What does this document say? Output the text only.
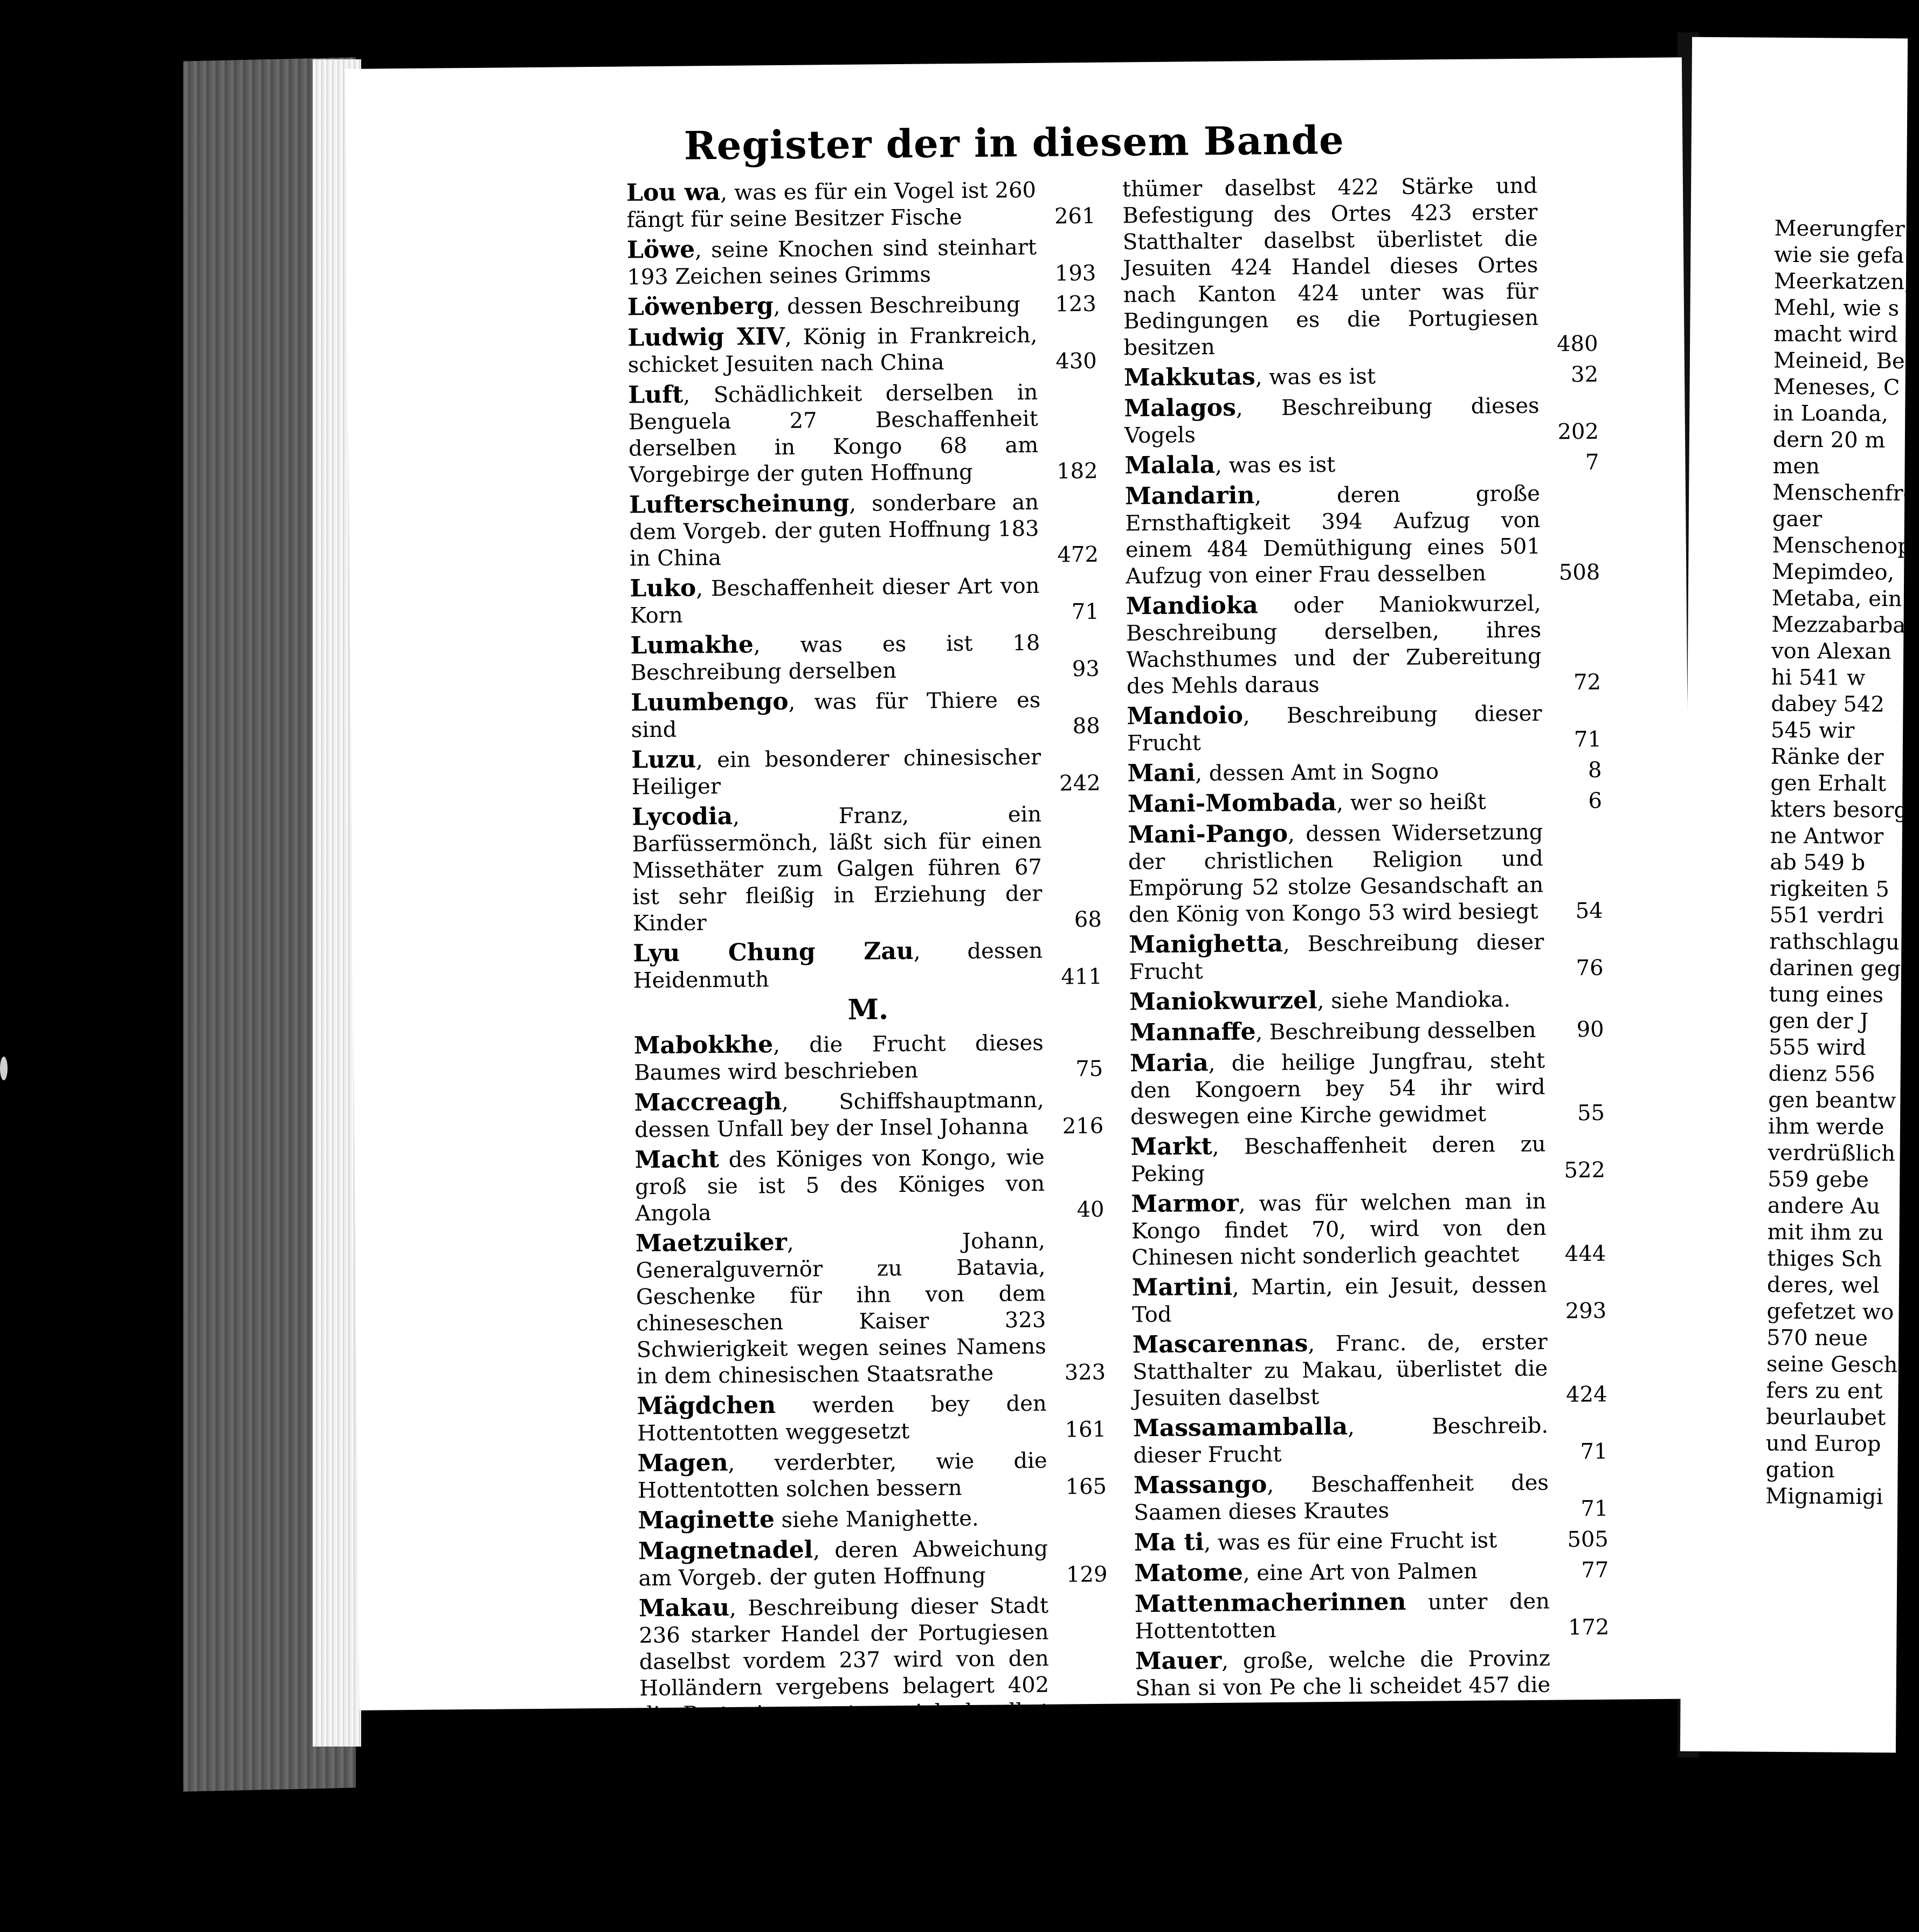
Register der in diesem Bande
Lou wa, was es für ein Vogel ist 260 fängt für seine Besitzer Fische	261
Löwe, seine Knochen sind steinhart 193 Zeichen seines Grimms	193
Löwenberg, dessen Beschreibung	123
Ludwig XIV, König in Frankreich, schicket Jesuiten nach China	430
Luft, Schädlichkeit derselben in Benguela 27 Beschaffenheit derselben in Kongo 68 am Vorgebirge der guten Hoffnung	182
Lufterscheinung, sonderbare an dem Vorgeb. der guten Hoffnung 183 in China	472
Luko, Beschaffenheit dieser Art von Korn	71
Lumakhe, was es ist 18 Beschreibung derselben	93
Luumbengo, was für Thiere es sind	88
Luzu, ein besonderer chinesischer Heiliger	242
Lycodia, Franz, ein Barfüssermönch, läßt sich für einen Missethäter zum Galgen führen 67 ist sehr fleißig in Erziehung der Kinder	68
Lyu Chung Zau, dessen Heidenmuth	411
M.
Mabokkhe, die Frucht dieses Baumes wird beschrieben	75
Maccreagh, Schiffshauptmann, dessen Unfall bey der Insel Johanna	216
Macht des Königes von Kongo, wie groß sie ist 5 des Königes von Angola	40
Maetzuiker, Johann, Generalguvernör zu Batavia, Geschenke für ihn von dem chineseschen Kaiser 323 Schwierigkeit wegen seines Namens in dem chinesischen Staatsrathe	323
Mägdchen werden bey den Hottentotten weggesetzt	161
Magen, verderbter, wie die Hottentotten solchen bessern	165
Maginette siehe Manighette.
Magnetnadel, deren Abweichung am Vorgeb. der guten Hoffnung	129
Makau, Beschreibung dieser Stadt 236 starker Handel der Portugiesen daselbst vordem 237 wird von den Holländern vergebens belagert 402 die Portugiesen setzen sich daselbst 420 dessen Lage ibid. der dasige Handel ist sehr gefallen 420 schlechter Zustand der dasigen Portugiesen 421 wie die Portugiesen solches bekommen haben 422 Einwohner und Reich-
thümer daselbst 422 Stärke und Befestigung des Ortes 423 erster Statthalter daselbst überlistet die Jesuiten 424 Handel dieses Ortes nach Kanton 424 unter was für Bedingungen es die Portugiesen besitzen	480
Makkutas, was es ist	32
Malagos, Beschreibung dieses Vogels	202
Malala, was es ist	7
Mandarin, deren große Ernsthaftigkeit 394 Aufzug von einem 484 Demüthigung eines 501 Aufzug von einer Frau desselben	508
Mandioka oder Maniokwurzel, Beschreibung derselben, ihres Wachsthumes und der Zubereitung des Mehls daraus	72
Mandoio, Beschreibung dieser Frucht	71
Mani, dessen Amt in Sogno	8
Mani-Mombada, wer so heißt	6
Mani-Pango, dessen Widersetzung der christlichen Religion und Empörung 52 stolze Gesandschaft an den König von Kongo 53 wird besiegt	54
Manighetta, Beschreibung dieser Frucht	76
Maniokwurzel, siehe Mandioka.
Mannaffe, Beschreibung desselben	90
Maria, die heilige Jungfrau, steht den Kongoern bey 54 ihr wird deswegen eine Kirche gewidmet	55
Markt, Beschaffenheit deren zu Peking	522
Marmor, was für welchen man in Kongo findet 70, wird von den Chinesen nicht sonderlich geachtet	444
Martini, Martin, ein Jesuit, dessen Tod	293
Mascarennas, Franc. de, erster Statthalter zu Makau, überlistet die Jesuiten daselbst	424
Massamamballa, Beschreib. dieser Frucht	71
Massango, Beschaffenheit des Saamen dieses Krautes	71
Ma ti, was es für eine Frucht ist	505
Matome, eine Art von Palmen	77
Mattenmacherinnen unter den Hottentotten	172
Mauer, große, welche die Provinz Shan si von Pe che li scheidet 457 die große in China, deren Bau	512, 527
Maus, indianische, deren Beschreibung 197 werden in Monomotapa für Leckerbissen gehalten	226
Mazza, was für eine Art von Korn es ist	71
Meer-
Meerungfer
wie sie gefa
Meerkatzen,
Mehl, wie s
macht wird
Meineid, Be
Meneses, C
in Loanda,
dern 20 m
men
Menschenfre
gaer
Menschenop
Mepimdeo,
Metaba, ein
Mezzabarba
von Alexan
hi 541 w
dabey 542
545 wir
Ränke der
gen Erhalt
kters besorg
ne Antwor
ab 549 b
rigkeiten 5
551 verdri
rathschlagu
darinen geg
tung eines
gen der J
555 wird
dienz 556
gen beantw
ihm werde
verdrüßlich
559 gebe
andere Au
mit ihm zu
thiges Sch
deres, wel
gefetzet wo
570 neue
seine Gesch
fers zu ent
beurlaubet
und Europ
gation
Mignamigi
